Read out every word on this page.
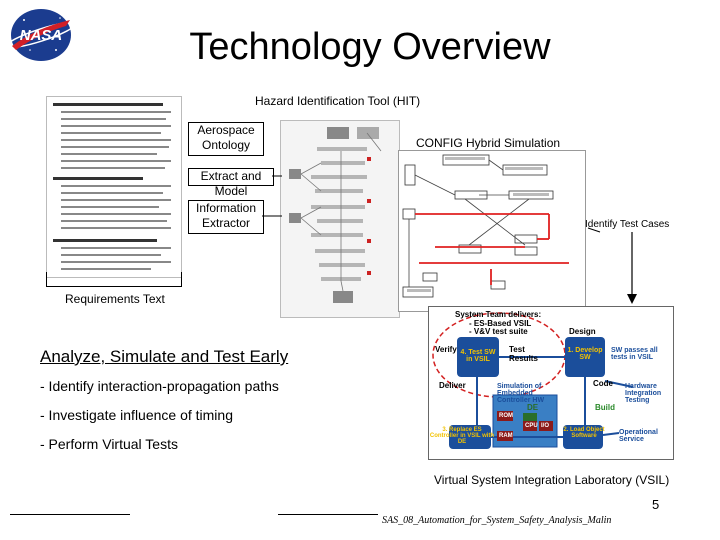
NASA	Technology Overview
Hazard Identification Tool (HIT)
Requirements Text
Aerospace
Ontology
Extract and Model
Information
Extractor
CONFIG Hybrid Simulation
Identify Test Cases
Analyze, Simulate and Test Early
- Identify interaction-propagation paths
- Investigate influence of timing
- Perform Virtual Tests
System Team delivers:
- ES-Based VSIL
- V&V test suite
Verify 4. Test SW in VSIL
Test Results
Design
1. Develop SW
SW passes all tests in VSIL
Code
Build
Hardware Integration Testing
Deliver	Simulation of Embedded Controller HW
ROM
CPU
RAM
I/O
DE
3. Replace ES Controller in VSIL with DE
2. Load Object Software	Operational Service
Virtual System Integration Laboratory (VSIL)
5
SAS_08_Automation_for_System_Safety_Analysis_Malin
